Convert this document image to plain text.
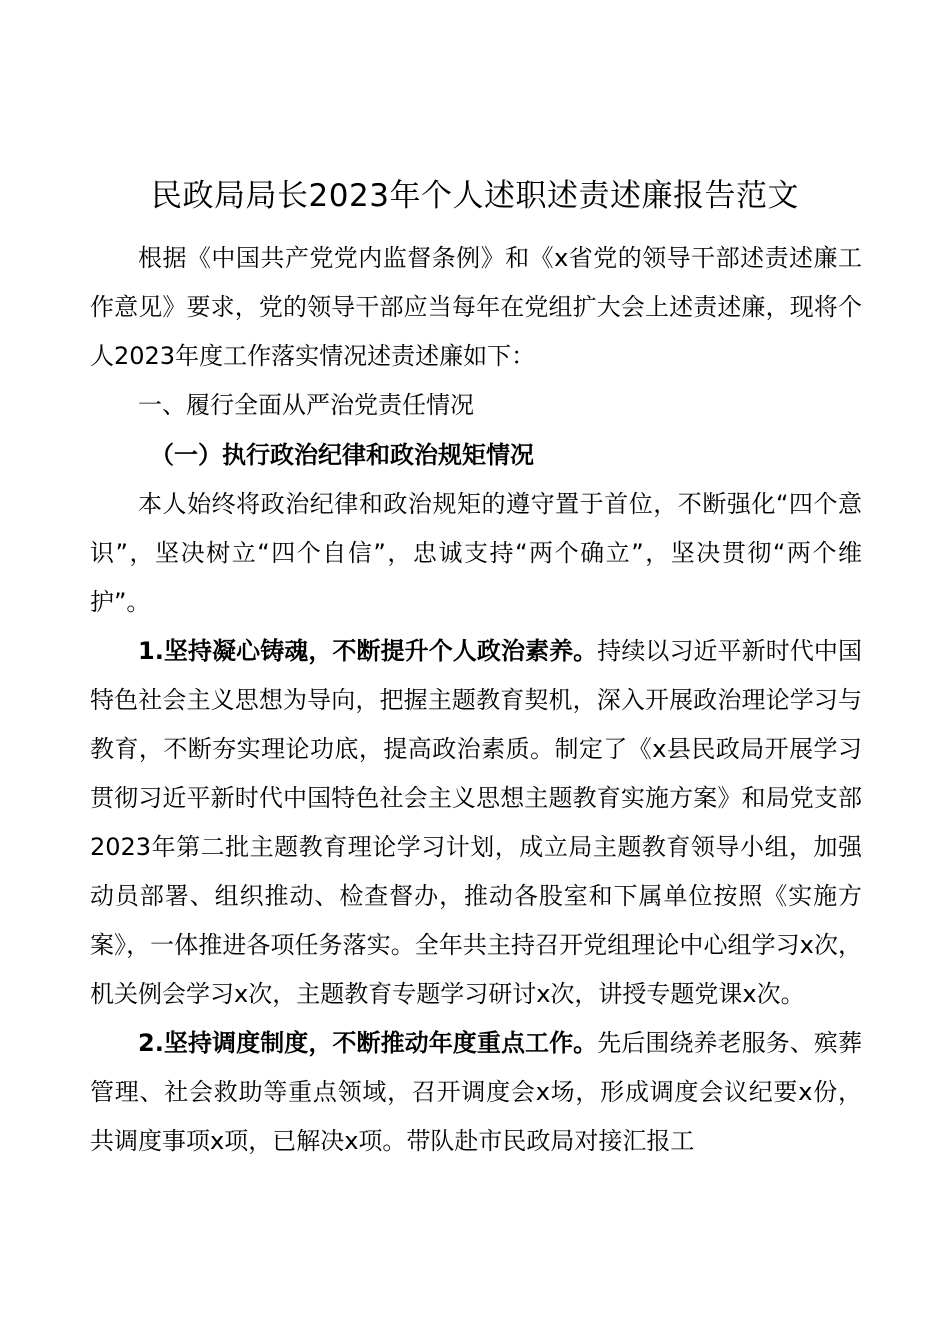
民政局局长2023年个人述职述责述廉报告范文

根据《中国共产党党内监督条例》和《x省党的领导干部述责述廉工作意见》要求，党的领导干部应当每年在党组扩大会上述责述廉，现将个人2023年度工作落实情况述责述廉如下：

一、履行全面从严治党责任情况

（一）执行政治纪律和政治规矩情况

本人始终将政治纪律和政治规矩的遵守置于首位，不断强化“四个意识”，坚决树立“四个自信”，忠诚支持“两个确立”，坚决贯彻“两个维护”。

1.坚持凝心铸魂，不断提升个人政治素养。持续以习近平新时代中国特色社会主义思想为导向，把握主题教育契机，深入开展政治理论学习与教育，不断夯实理论功底，提高政治素质。制定了《x县民政局开展学习贯彻习近平新时代中国特色社会主义思想主题教育实施方案》和局党支部2023年第二批主题教育理论学习计划，成立局主题教育领导小组，加强动员部署、组织推动、检查督办，推动各股室和下属单位按照《实施方案》，一体推进各项任务落实。全年共主持召开党组理论中心组学习x次，机关例会学习x次，主题教育专题学习研讨x次，讲授专题党课x次。

2.坚持调度制度，不断推动年度重点工作。先后围绕养老服务、殡葬管理、社会救助等重点领域，召开调度会x场，形成调度会议纪要x份，共调度事项x项，已解决x项。带队赴市民政局对接汇报工
